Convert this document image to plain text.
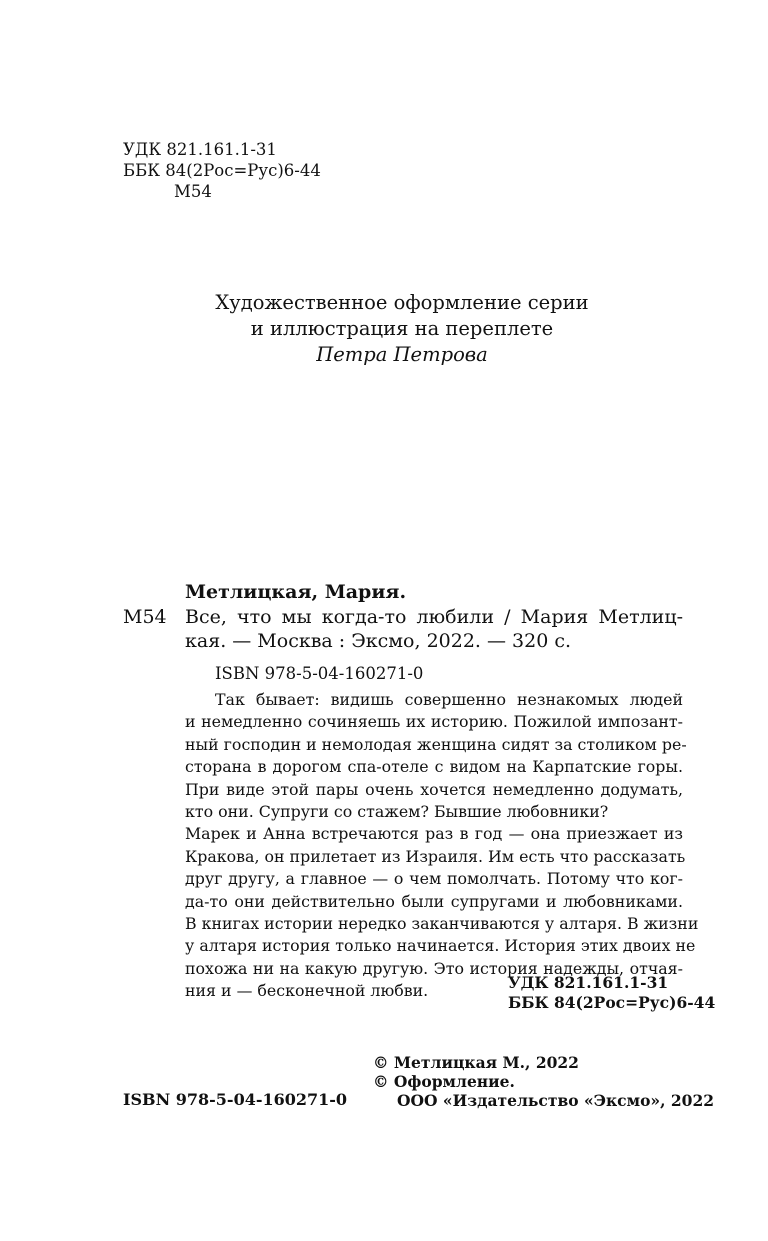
УДК 821.161.1-31
ББК 84(2Рос=Рус)6-44
М54
Художественное оформление серии
и иллюстрация на переплете
Петра Петрова
Метлицкая, Мария.
М54 Все, что мы когда-то любили / Мария Метлиц-
кая. — Москва : Эксмо, 2022. — 320 с.
ISBN 978-5-04-160271-0
Так бывает: видишь совершенно незнакомых людей
и немедленно сочиняешь их историю. Пожилой импозант-
ный господин и немолодая женщина сидят за столиком ре-
сторана в дорогом спа-отеле с видом на Карпатские горы.
При виде этой пары очень хочется немедленно додумать,
кто они. Супруги со стажем? Бывшие любовники?
Марек и Анна встречаются раз в год — она приезжает из
Кракова, он прилетает из Израиля. Им есть что рассказать
друг другу, а главное — о чем помолчать. Потому что ког-
да-то они действительно были супругами и любовниками.
В книгах истории нередко заканчиваются у алтаря. В жизни
у алтаря история только начинается. История этих двоих не
похожа ни на какую другую. Это история надежды, отчая-
ния и — бесконечной любви.	УДК 821.161.1-31
ББК 84(2Рос=Рус)6-44
© Метлицкая М., 2022
© Оформление.
ООО «Издательство «Эксмо», 2022
ISBN 978-5-04-160271-0
